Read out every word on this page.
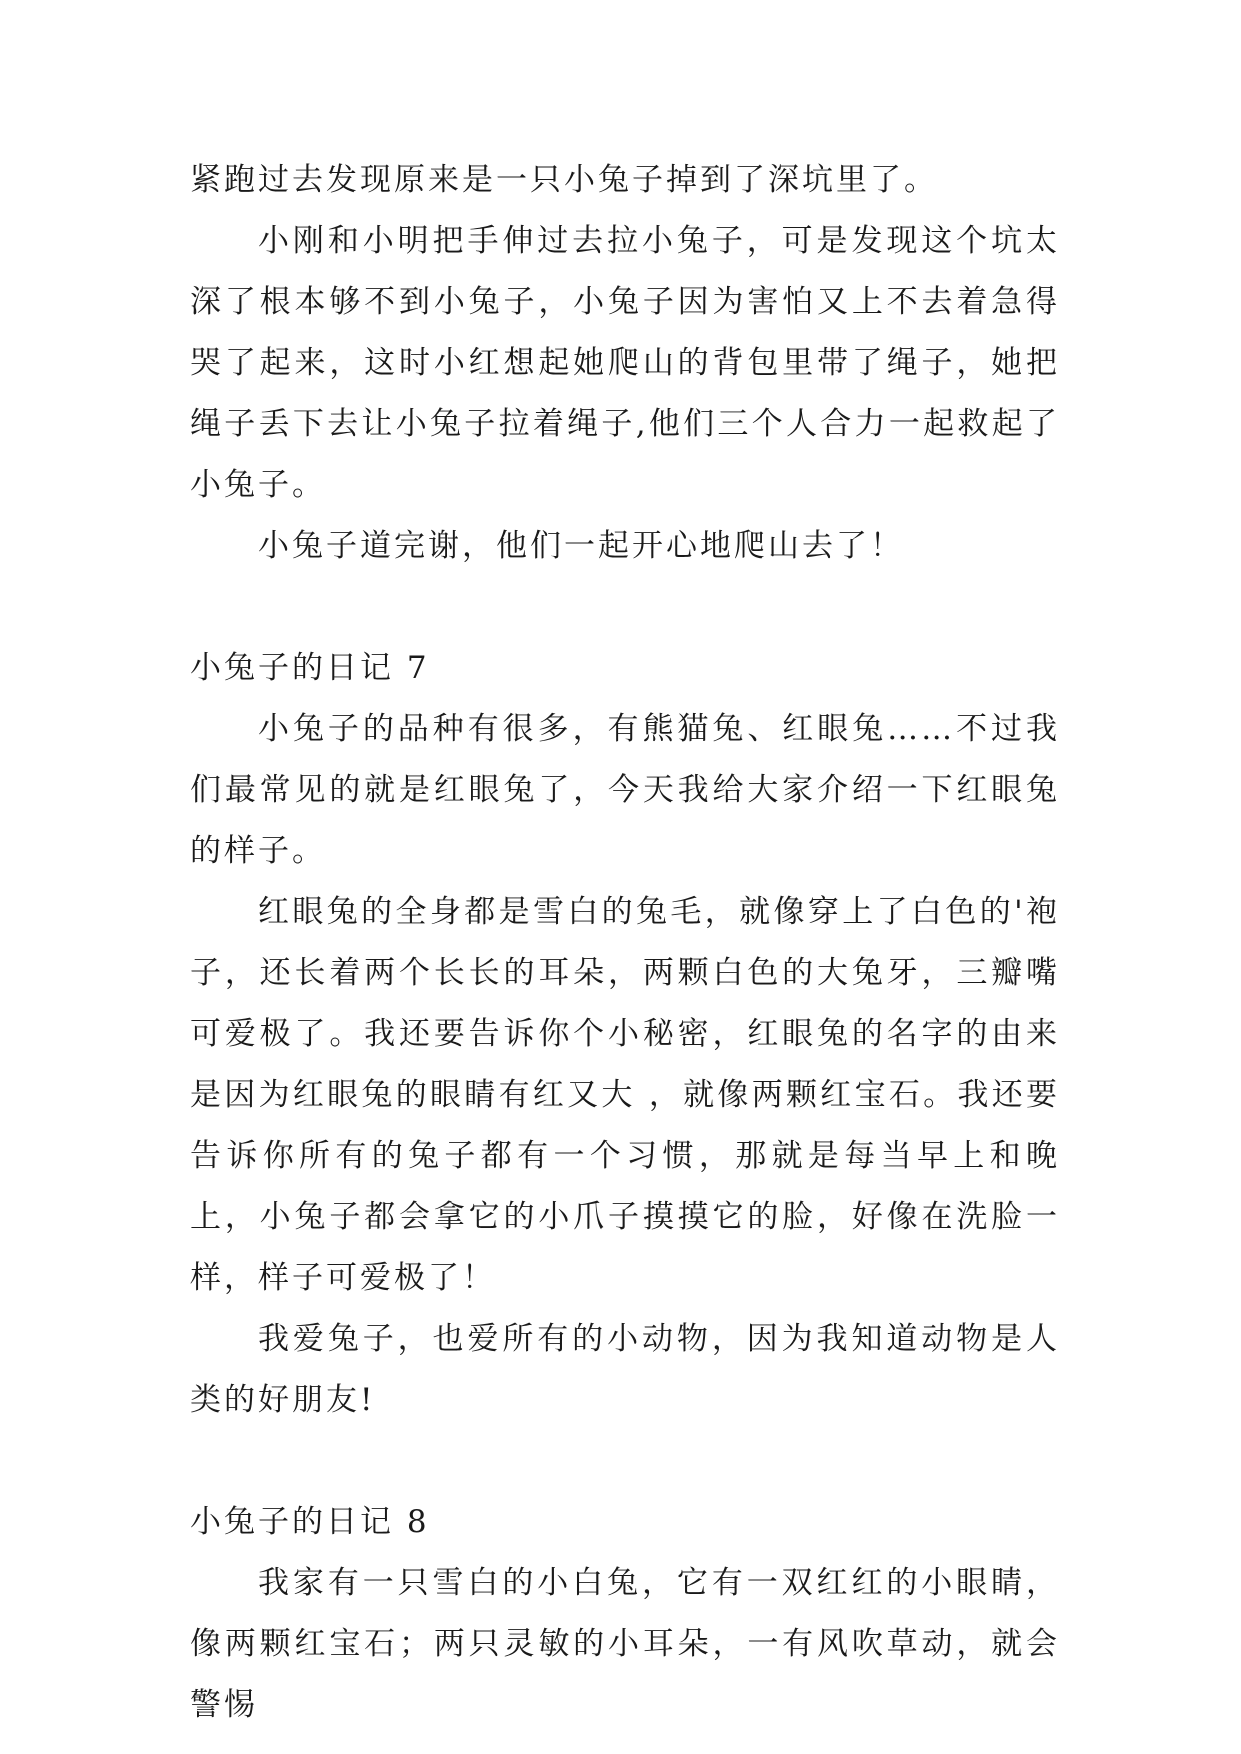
紧跑过去发现原来是一只小兔子掉到了深坑里了。

小刚和小明把手伸过去拉小兔子，可是发现这个坑太深了根本够不到小兔子，小兔子因为害怕又上不去着急得哭了起来，这时小红想起她爬山的背包里带了绳子，她把绳子丢下去让小兔子拉着绳子,他们三个人合力一起救起了小兔子。

小兔子道完谢，他们一起开心地爬山去了！

小兔子的日记 7

小兔子的品种有很多，有熊猫兔、红眼兔……不过我们最常见的就是红眼兔了，今天我给大家介绍一下红眼兔的样子。

红眼兔的全身都是雪白的兔毛，就像穿上了白色的'袍子，还长着两个长长的耳朵，两颗白色的大兔牙，三瓣嘴可爱极了。我还要告诉你个小秘密，红眼兔的名字的由来是因为红眼兔的眼睛有红又大 ，就像两颗红宝石。我还要告诉你所有的兔子都有一个习惯，那就是每当早上和晚上，小兔子都会拿它的小爪子摸摸它的脸，好像在洗脸一样，样子可爱极了！

我爱兔子，也爱所有的小动物，因为我知道动物是人类的好朋友!

小兔子的日记 8

我家有一只雪白的小白兔，它有一双红红的小眼睛，像两颗红宝石；两只灵敏的小耳朵，一有风吹草动，就会警惕
